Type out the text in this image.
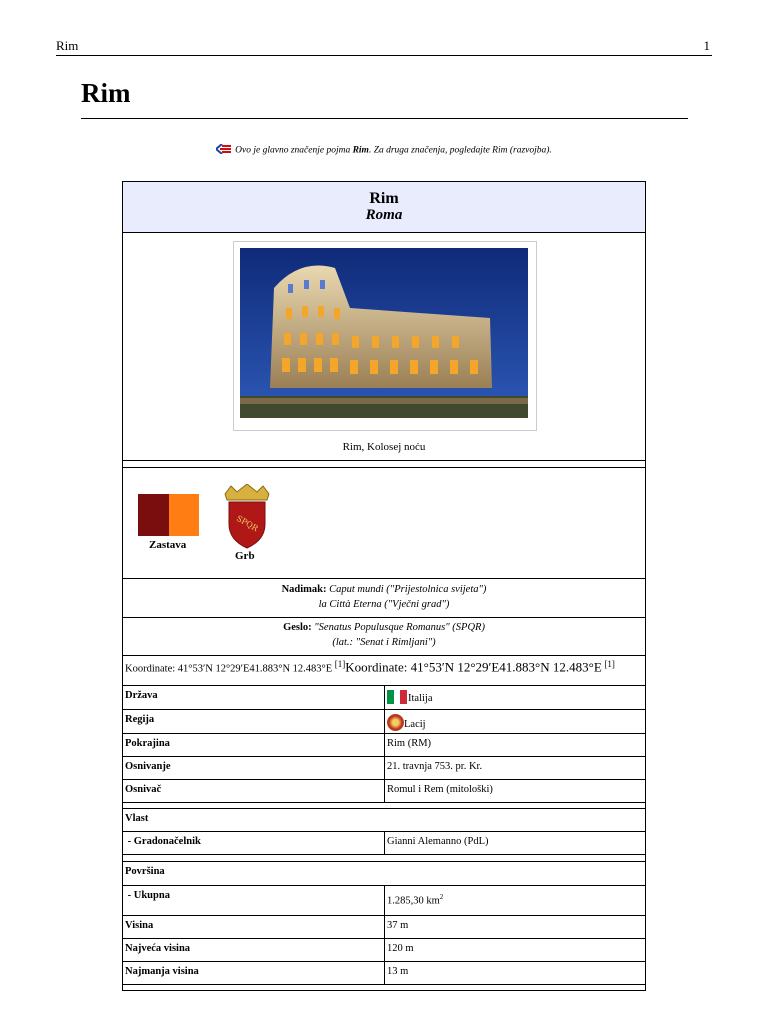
Rim	1
Rim
Ovo je glavno značenje pojma Rim. Za druga značenja, pogledajte Rim (razvojba).
Rim
Roma
Rim, Kolosej noću
Zastava
SPQR
Grb
Nadimak: Caput mundi ("Prijestolnica svijeta")
la Città Eterna ("Vječni grad")
Geslo: "Senatus Populusque Romanus" (SPQR)
(lat.: "Senat i Rimljani")
Koordinate: 41°53′N 12°29′E41.883°N 12.483°E [1]Koordinate: 41°53′N 12°29′E41.883°N 12.483°E [1]
Država	Italija
Regija	Lacij
Pokrajina	Rim (RM)
Osnivanje	21. travnja 753. pr. Kr.
Osnivač	Romul i Rem (mitološki)
Vlast
- Gradonačelnik	Gianni Alemanno (PdL)
Površina
- Ukupna	1.285,30 $km^2$
Visina	37 m
Najveća visina	120 m
Najmanja visina	13 m
